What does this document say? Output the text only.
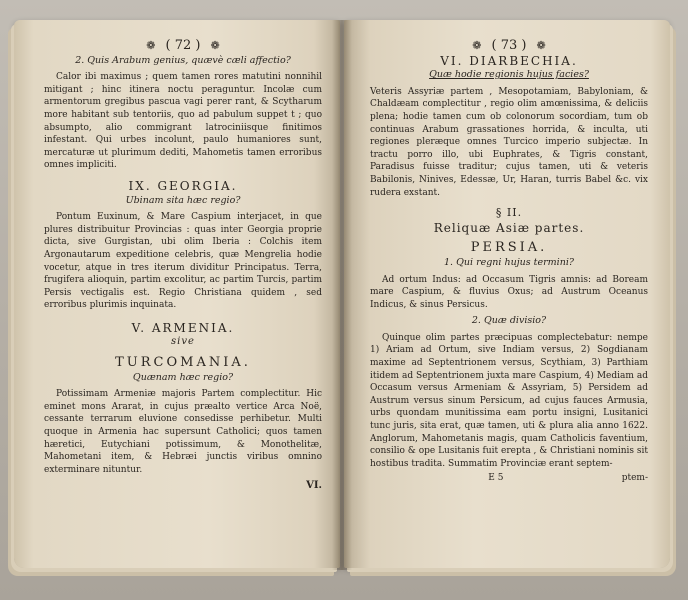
❁ ( 72 ) ❁
2. Quis Arabum genius, quævè cæli affectio?

Calor ibi maximus ; quem tamen rores matutini nonnihil mitigant ; hinc itinera noctu peraguntur. Incolæ cum armentorum gregibus pascua vagi perer rant, & Scytharum more habitant sub tentoriis, quo ad pabulum suppet t ; quo absumpto, alio commigrant latrociniisque finitimos infestant. Qui urbes incolunt, paulo humaniores sunt, mercaturæ ut plurimum dediti, Mahometis tamen erroribus omnes impliciti.

IX. GEORGIA.
Ubinam sita hæc regio?

Pontum Euxinum, & Mare Caspium interjacet, in que plures distribuitur Provincias : quas inter Georgia proprie dicta, sive Gurgistan, ubi olim Iberia : Colchis item Argonautarum expeditione celebris, quæ Mengrelia hodie vocetur, atque in tres iterum dividitur Principatus. Terra, frugifera alioquin, partim excolitur, ac partim Turcis, partim Persis vectigalis est. Regio Christiana quidem , sed erroribus plurimis inquinata.

V. ARMENIA.
sive
TURCOMANIA.
Quænam hæc regio?

Potissimam Armeniæ majoris Partem complectitur. Hic eminet mons Ararat, in cujus præalto vertice Arca Noë, cessante terrarum eluvione consedisse perhibetur. Multi quoque in Armenia hac supersunt Catholici; quos tamen hæretici, Eutychiani potissimum, & Monothelitæ, Mahometani item, & Hebræi junctis viribus omnino exterminare nituntur.

VI.
❁ ( 73 ) ❁
VI. DIARBECHIA.
Quæ hodie regionis hujus facies?

Veteris Assyriæ partem , Mesopotamiam, Babyloniam, & Chaldæam complectitur , regio olim amœnissima, & deliciis plena; hodie tamen cum ob colonorum socordiam, tum ob continuas Arabum grassationes horrida, & inculta, uti regiones pleræque omnes Turcico imperio subjectæ. In tractu porro illo, ubi Euphrates, & Tigris constant, Paradisus fuisse traditur; cujus tamen, uti & veteris Babilonis, Ninives, Edessæ, Ur, Haran, turris Babel &c. vix rudera exstant.

§ II.
Reliquæ Asiæ partes.
PERSIA.
1. Qui regni hujus termini?

Ad ortum Indus: ad Occasum Tigris amnis: ad Boream mare Caspium, & fluvius Oxus; ad Austrum Oceanus Indicus, & sinus Persicus.

2. Quæ divisio?

Quinque olim partes præcipuas complectebatur: nempe 1) Ariam ad Ortum, sive Indiam versus, 2) Sogdianam maxime ad Septentrionem versus, Scythiam, 3) Parthiam itidem ad Septentrionem juxta mare Caspium, 4) Mediam ad Occasum versus Armeniam & Assyriam, 5) Persidem ad Austrum versus sinum Persicum, ad cujus fauces Armusia, urbs quondam munitissima eam portu insigni, Lusitanici tunc juris, sita erat, quæ tamen, uti & plura alia anno 1622. Anglorum, Mahometanis magis, quam Catholicis faventium, consilio & ope Lusitanis fuit erepta , & Christiani nominis sit hostibus tradita. Summatim Provinciæ erant septem-

E 5	ptem-
